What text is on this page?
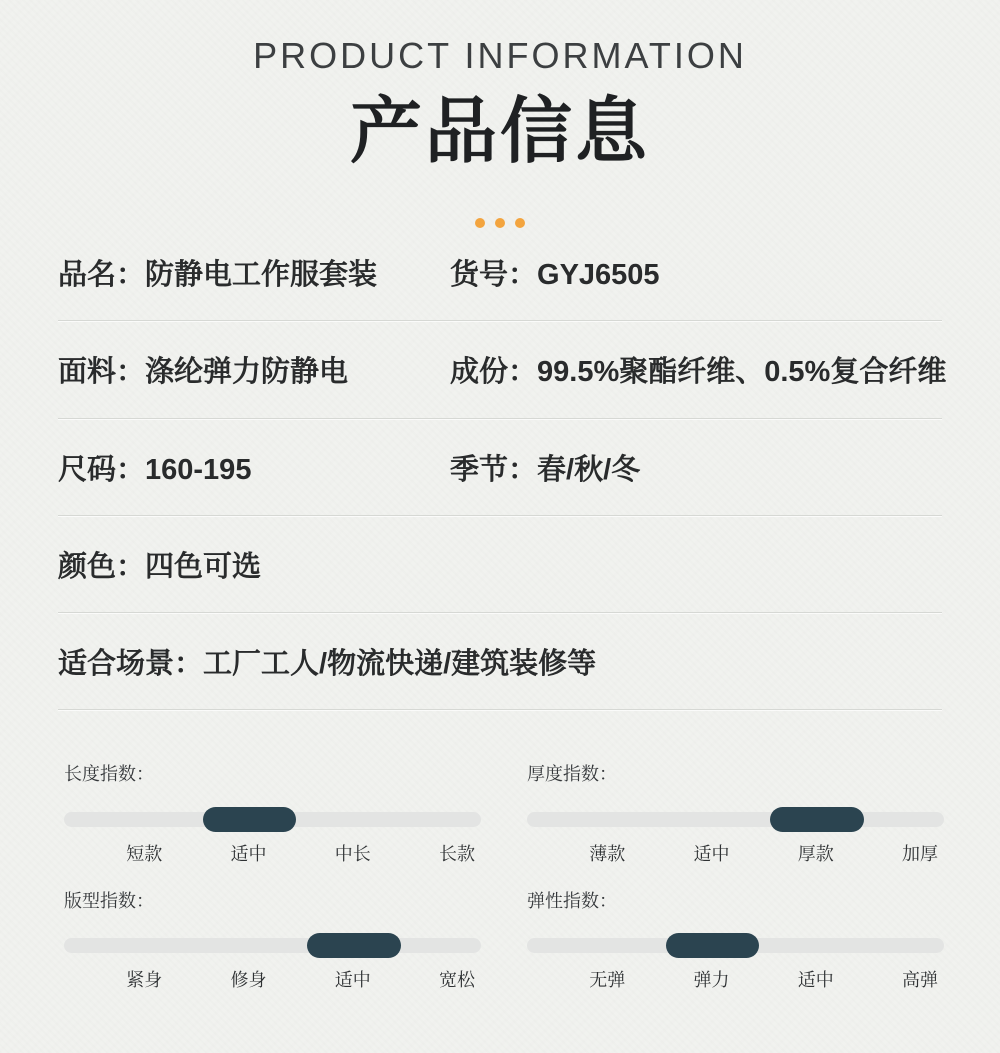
PRODUCT INFORMATION
产品信息
品名：防静电工作服套装	货号：GYJ6505
面料：涤纶弹力防静电	成份：99.5%聚酯纤维、0.5%复合纤维
尺码：160-195	季节：春/秋/冬
颜色：四色可选
适合场景：工厂工人/物流快递/建筑装修等
长度指数：
短款	适中	中长	长款
厚度指数：
薄款	适中	厚款	加厚
版型指数：
紧身	修身	适中	宽松
弹性指数：
无弹	弹力	适中	高弹
